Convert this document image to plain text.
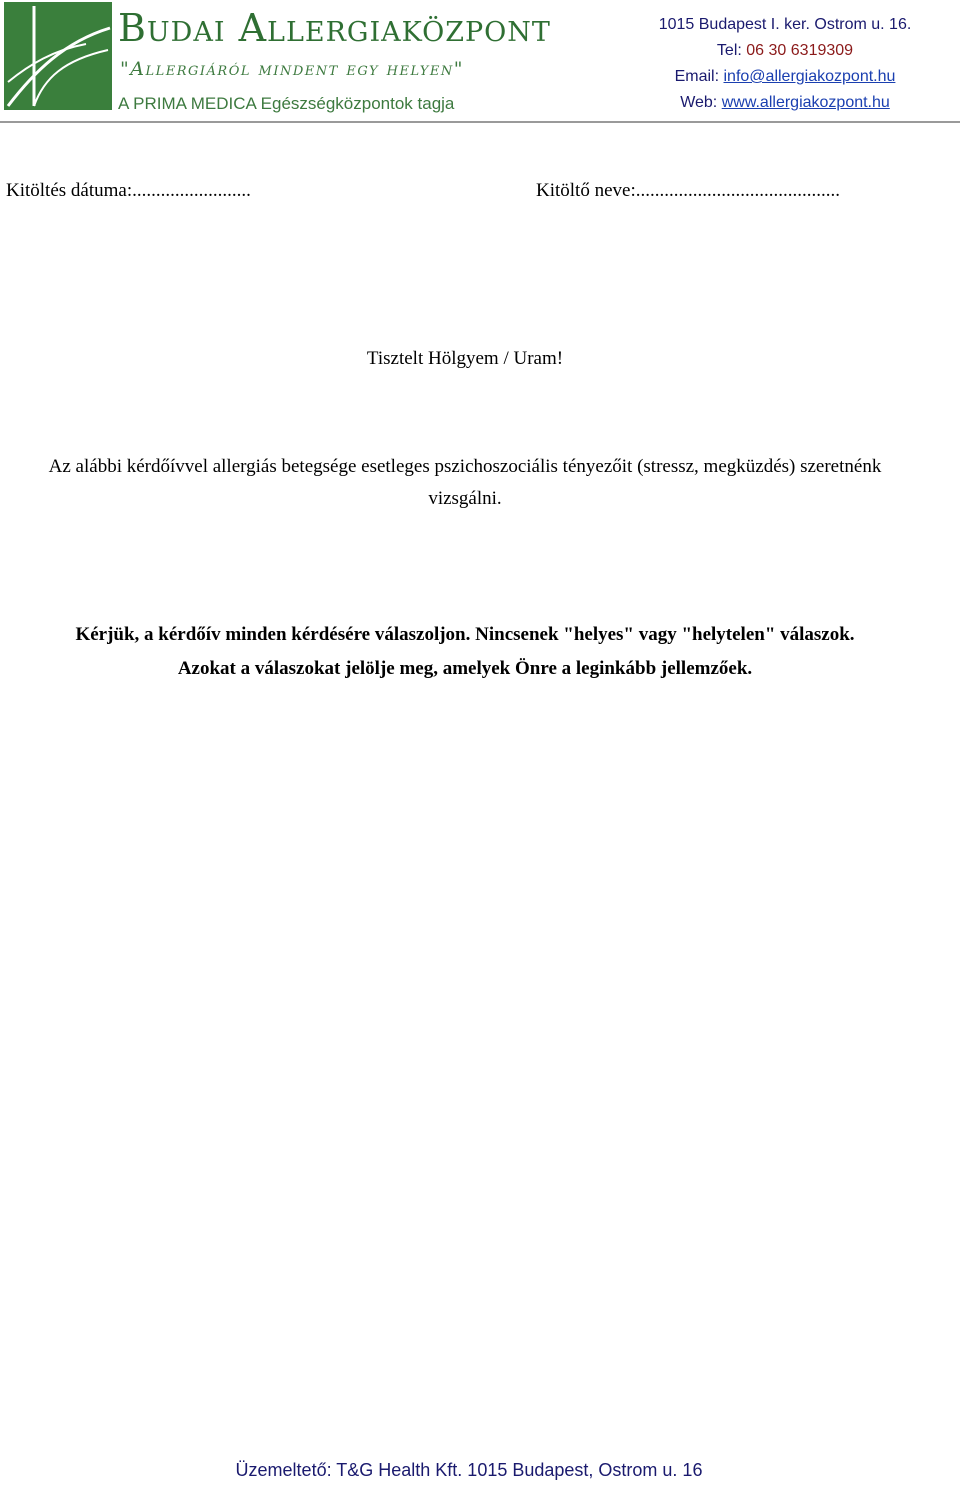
Budai Allergiaközpont
"Allergiáról mindent egy helyen"
A PRIMA MEDICA Egészségközpontok tagja
1015 Budapest I. ker. Ostrom u. 16.
Tel: 06 30 6319309
Email: info@allergiakozpont.hu
Web: www.allergiakozpont.hu
Kitöltés dátuma:.........................	Kitöltő neve:...........................................
Tisztelt Hölgyem / Uram!
Az alábbi kérdőívvel allergiás betegsége esetleges pszichoszociális tényezőit (stressz, megküzdés) szeretnénk
vizsgálni.
Kérjük, a kérdőív minden kérdésére válaszoljon. Nincsenek "helyes" vagy "helytelen" válaszok.
Azokat a válaszokat jelölje meg, amelyek Önre a leginkább jellemzőek.
Üzemeltető: T&G Health Kft. 1015 Budapest, Ostrom u. 16
